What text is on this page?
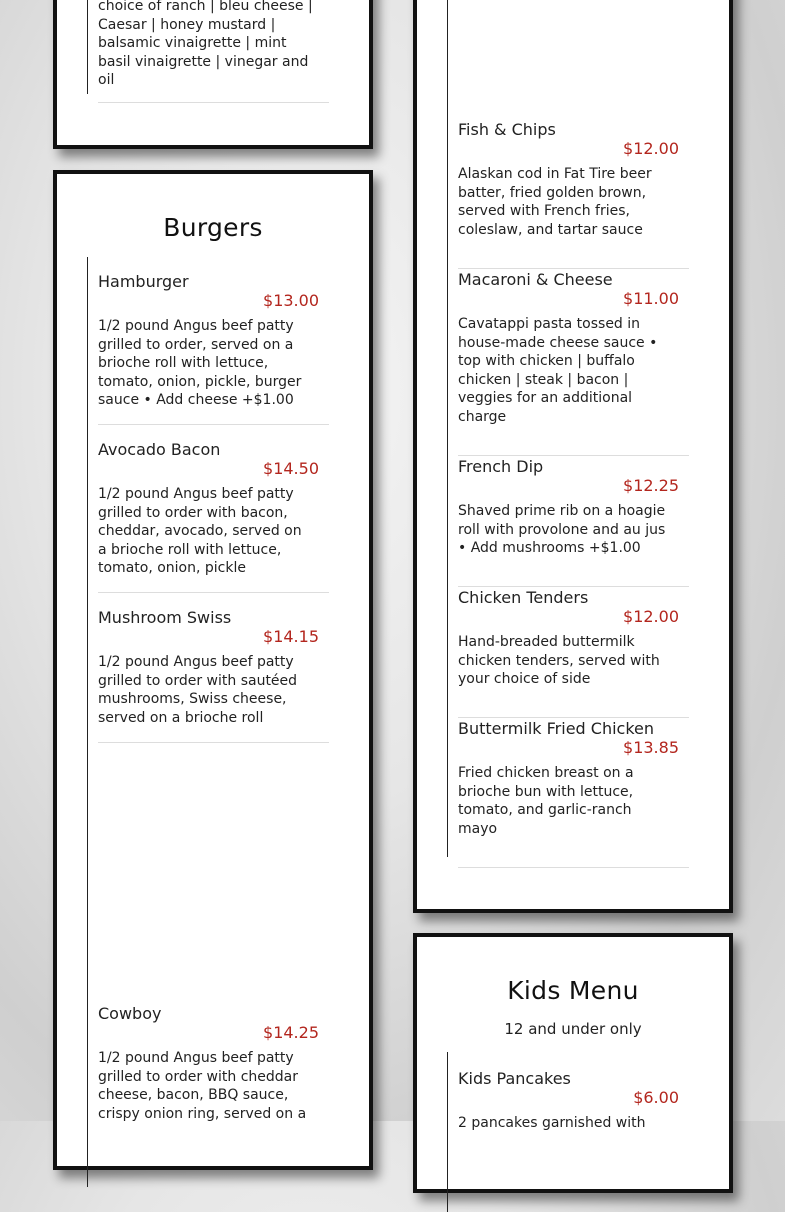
choice of ranch | bleu cheese | Caesar | honey mustard | balsamic vinaigrette | mint basil vinaigrette | vinegar and oil
Burgers
Hamburger
$13.00
1/2 pound Angus beef patty grilled to order, served on a brioche roll with lettuce, tomato, onion, pickle, burger sauce • Add cheese +$1.00
Avocado Bacon
$14.50
1/2 pound Angus beef patty grilled to order with bacon, cheddar, avocado, served on a brioche roll with lettuce, tomato, onion, pickle
Mushroom Swiss
$14.15
1/2 pound Angus beef patty grilled to order with sautéed mushrooms, Swiss cheese, served on a brioche roll
Cowboy
$14.25
1/2 pound Angus beef patty grilled to order with cheddar cheese, bacon, BBQ sauce, crispy onion ring, served on a
Fish & Chips
$12.00
Alaskan cod in Fat Tire beer batter, fried golden brown, served with French fries, coleslaw, and tartar sauce
Macaroni & Cheese
$11.00
Cavatappi pasta tossed in house-made cheese sauce • top with chicken | buffalo chicken | steak | bacon | veggies for an additional charge
French Dip
$12.25
Shaved prime rib on a hoagie roll with provolone and au jus • Add mushrooms +$1.00
Chicken Tenders
$12.00
Hand-breaded buttermilk chicken tenders, served with your choice of side
Buttermilk Fried Chicken
$13.85
Fried chicken breast on a brioche bun with lettuce, tomato, and garlic-ranch mayo
Kids Menu
12 and under only
Kids Pancakes
$6.00
2 pancakes garnished with
